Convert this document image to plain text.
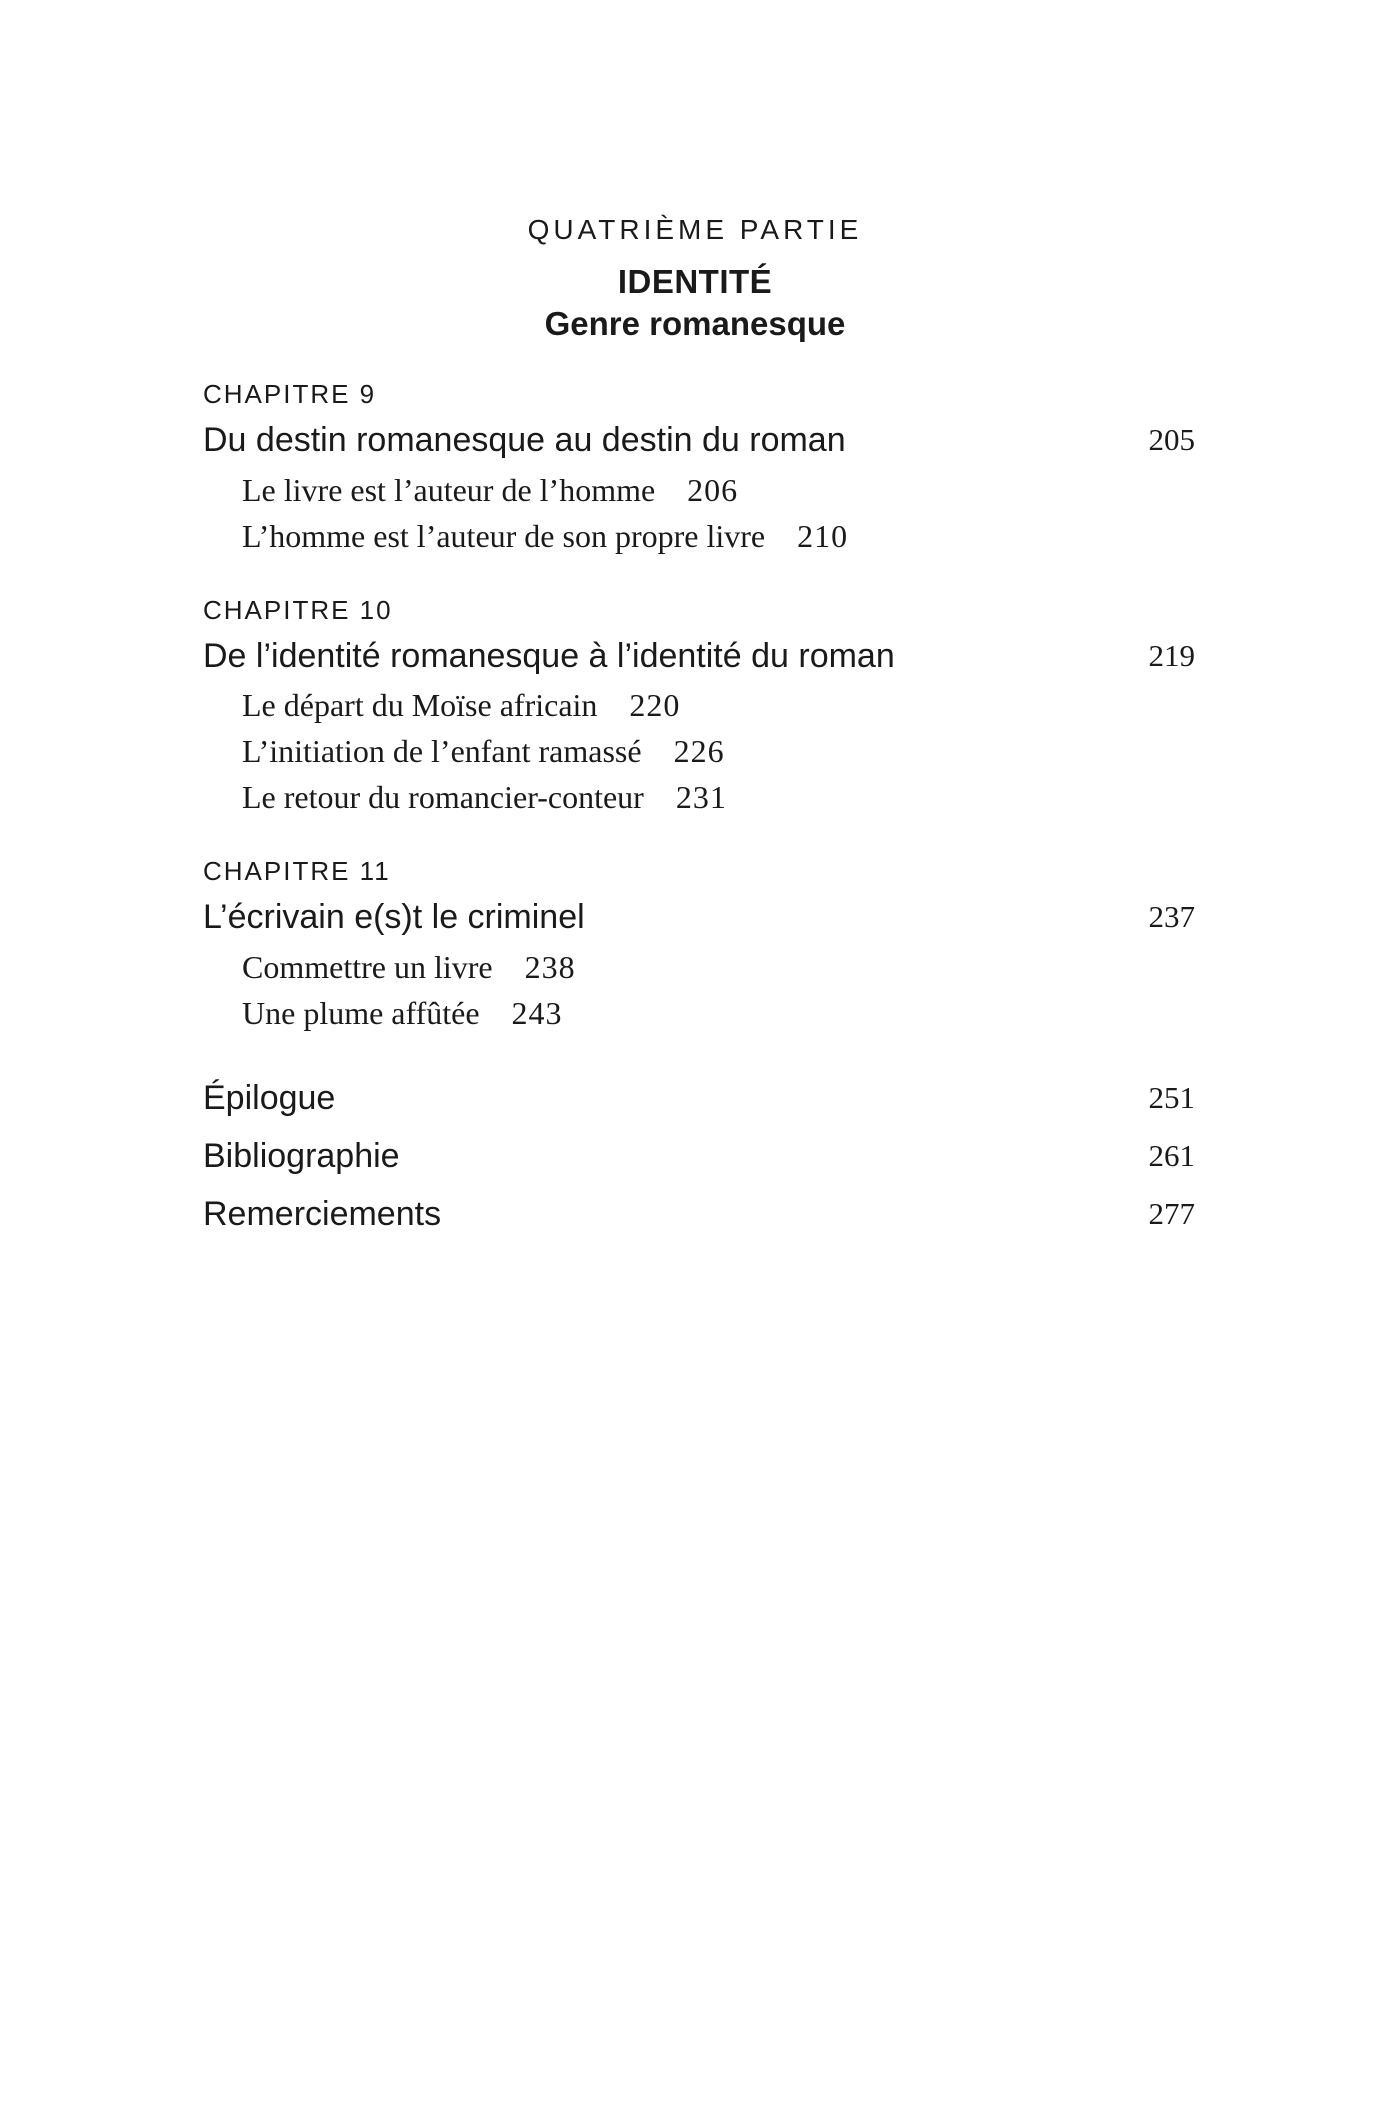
QUATRIÈME PARTIE
IDENTITÉ
Genre romanesque
CHAPITRE 9
Du destin romanesque au destin du roman	205
Le livre est l’auteur de l’homme 206
L’homme est l’auteur de son propre livre 210
CHAPITRE 10
De l’identité romanesque à l’identité du roman	219
Le départ du Moïse africain 220
L’initiation de l’enfant ramassé 226
Le retour du romancier-conteur 231
CHAPITRE 11
L’écrivain e(s)t le criminel	237
Commettre un livre 238
Une plume affûtée 243
Épilogue	251
Bibliographie	261
Remerciements	277
